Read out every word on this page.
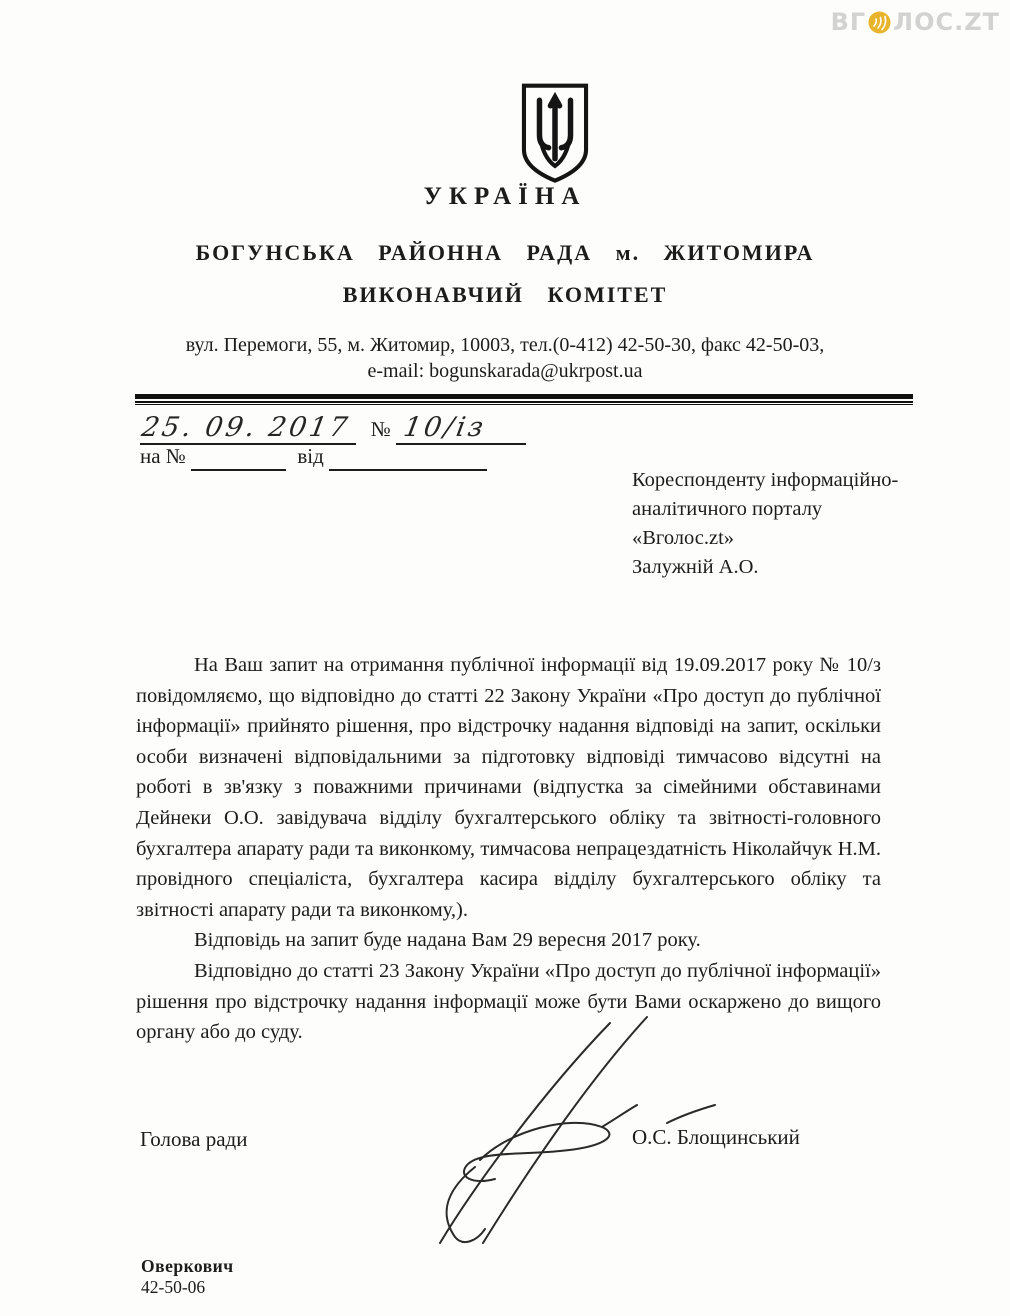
ВГ ЛОС.ZT
УКРАЇНА
БОГУНСЬКА РАЙОННА РАДА м. ЖИТОМИРА
ВИКОНАВЧИЙ КОМІТЕТ
вул. Перемоги, 55, м. Житомир, 10003, тел.(0-412) 42-50-30, факс 42-50-03,
e-mail: bogunskarada@ukrpost.ua
25. 09. 2017 № 10/із
на №	від
Кореспонденту інформаційно-
аналітичного порталу
«Вголос.zt»
Залужній А.О.

На Ваш запит на отримання публічної інформації від 19.09.2017 року № 10/з повідомляємо, що відповідно до статті 22 Закону України «Про доступ до публічної інформації» прийнято рішення, про відстрочку надання відповіді на запит, оскільки особи визначені відповідальними за підготовку відповіді тимчасово відсутні на роботі в зв'язку з поважними причинами (відпустка за сімейними обставинами Дейнеки О.О. завідувача відділу бухгалтерського обліку та звітності-головного бухгалтера апарату ради та виконкому, тимчасова непрацездатність Ніколайчук Н.М. провідного спеціаліста, бухгалтера касира відділу бухгалтерського обліку та звітності апарату ради та виконкому,).

Відповідь на запит буде надана Вам 29 вересня 2017 року.

Відповідно до статті 23 Закону України «Про доступ до публічної інформації» рішення про відстрочку надання інформації може бути Вами оскаржено до вищого органу або до суду.

Голова ради	О.С. Блощинський
Оверкович
42-50-06
